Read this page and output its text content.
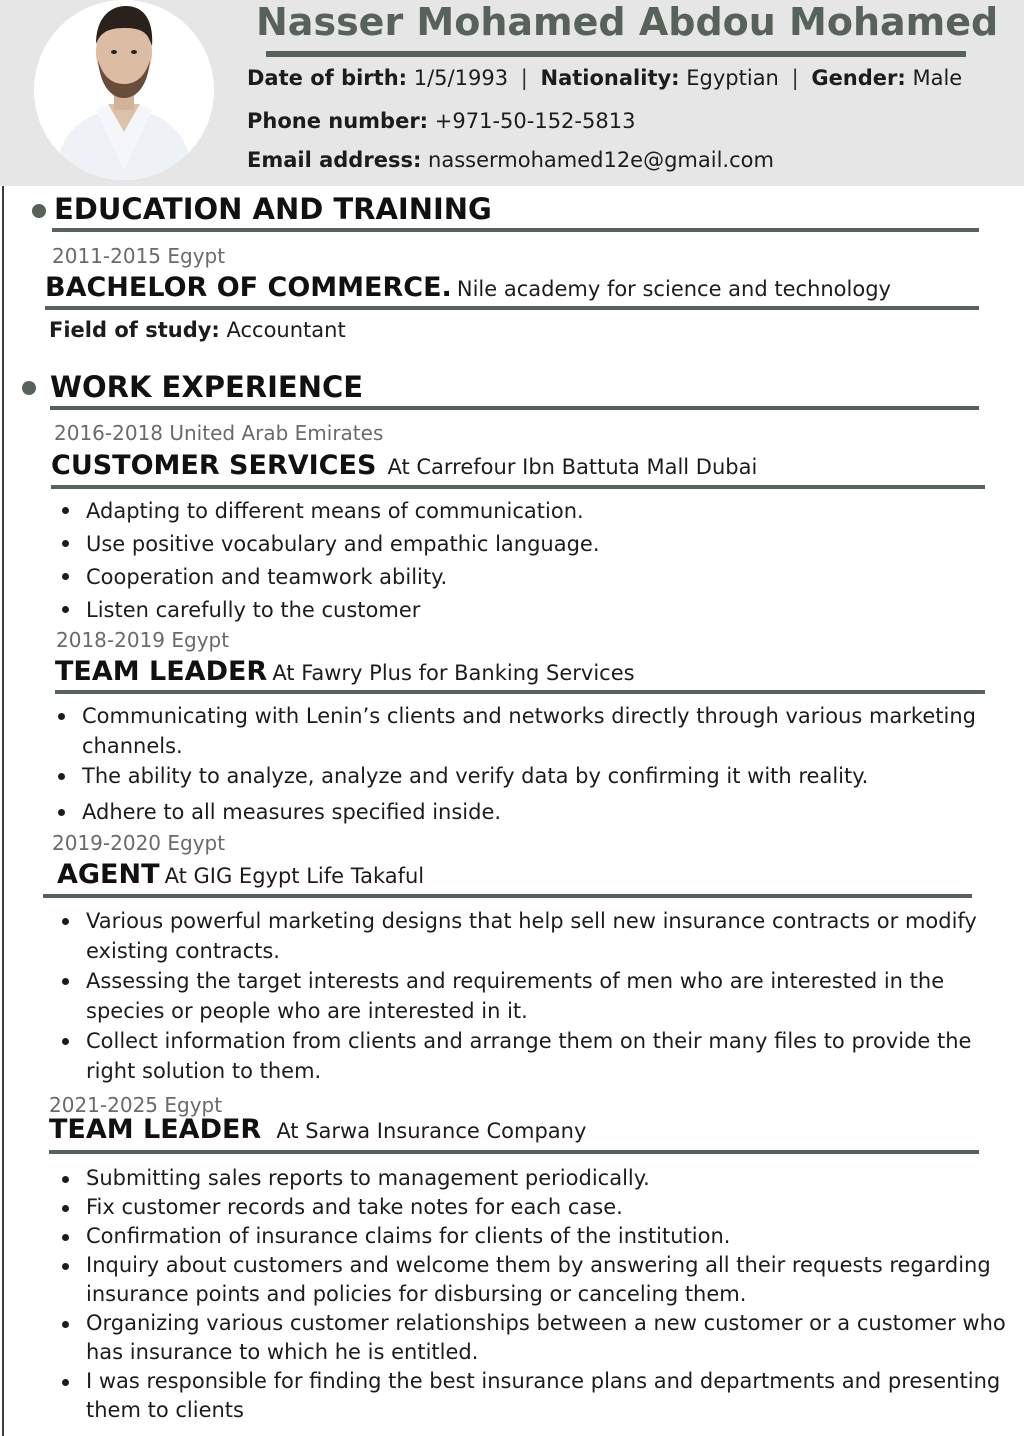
Nasser Mohamed Abdou Mohamed
Date of birth: 1/5/1993 | Nationality: Egyptian | Gender: Male
Phone number: +971-50-152-5813
Email address: nassermohamed12e@gmail.com
EDUCATION AND TRAINING
2011-2015 Egypt
BACHELOR OF COMMERCE. Nile academy for science and technology
Field of study: Accountant
WORK EXPERIENCE
2016-2018 United Arab Emirates
CUSTOMER SERVICES At Carrefour Ibn Battuta Mall Dubai
Adapting to different means of communication.
Use positive vocabulary and empathic language.
Cooperation and teamwork ability.
Listen carefully to the customer
2018-2019 Egypt
TEAM LEADER At Fawry Plus for Banking Services
Communicating with Lenin’s clients and networks directly through various marketing channels.
The ability to analyze, analyze and verify data by confirming it with reality.
Adhere to all measures specified inside.
2019-2020 Egypt
AGENT At GIG Egypt Life Takaful
Various powerful marketing designs that help sell new insurance contracts or modify existing contracts.
Assessing the target interests and requirements of men who are interested in the species or people who are interested in it.
Collect information from clients and arrange them on their many files to provide the right solution to them.
2021-2025 Egypt
TEAM LEADER At Sarwa Insurance Company
Submitting sales reports to management periodically.
Fix customer records and take notes for each case.
Confirmation of insurance claims for clients of the institution.
Inquiry about customers and welcome them by answering all their requests regarding insurance points and policies for disbursing or canceling them.
Organizing various customer relationships between a new customer or a customer who has insurance to which he is entitled.
I was responsible for finding the best insurance plans and departments and presenting them to clients
